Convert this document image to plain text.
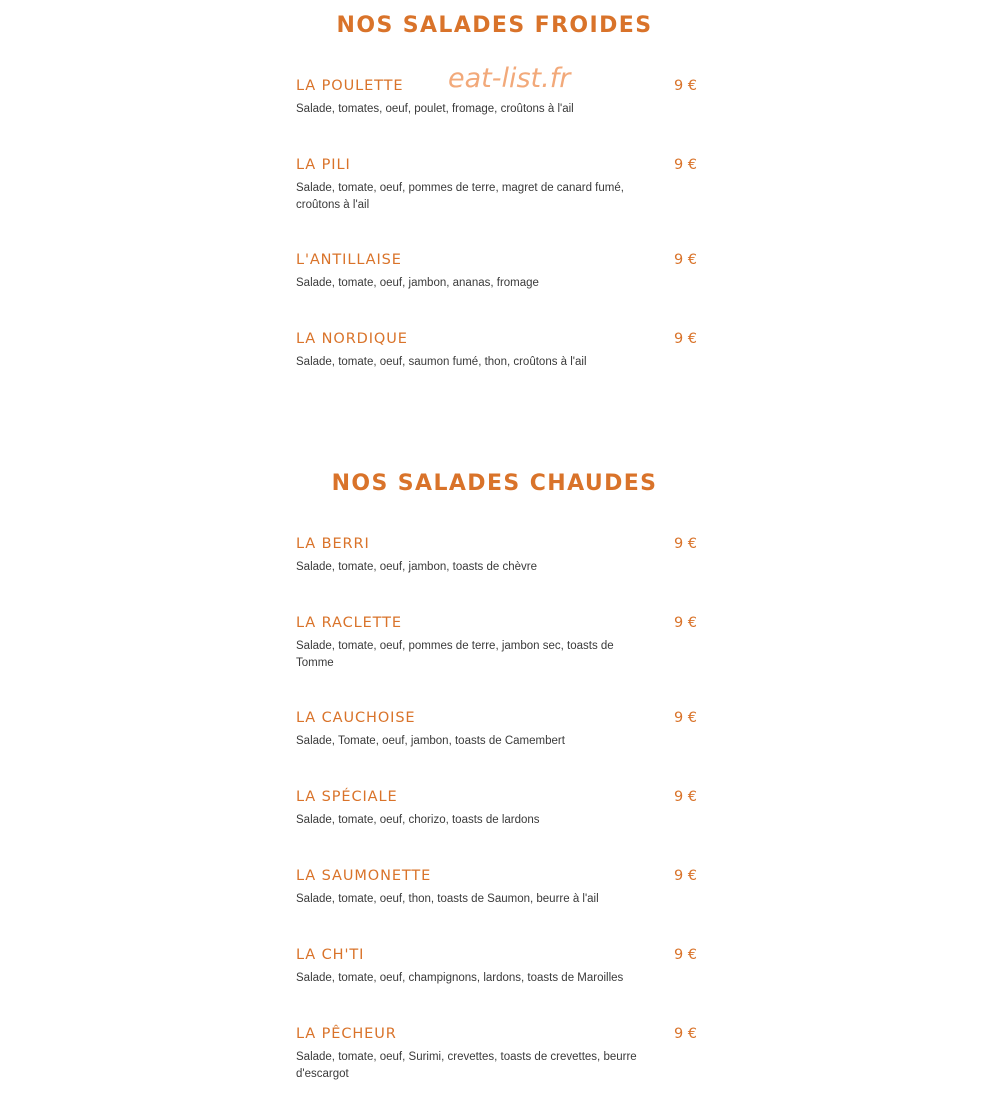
NOS SALADES FROIDES
eat-list.fr
LA POULETTE	9 €

Salade, tomates, oeuf, poulet, fromage, croûtons à l'ail

LA PILI	9 €

Salade, tomate, oeuf, pommes de terre, magret de canard fumé, croûtons à l'ail

L'ANTILLAISE	9 €

Salade, tomate, oeuf, jambon, ananas, fromage

LA NORDIQUE	9 €

Salade, tomate, oeuf, saumon fumé, thon, croûtons à l'ail

NOS SALADES CHAUDES
LA BERRI	9 €

Salade, tomate, oeuf, jambon, toasts de chèvre

LA RACLETTE	9 €

Salade, tomate, oeuf, pommes de terre, jambon sec, toasts de Tomme

LA CAUCHOISE	9 €

Salade, Tomate, oeuf, jambon, toasts de Camembert

LA SPÉCIALE	9 €

Salade, tomate, oeuf, chorizo, toasts de lardons

LA SAUMONETTE	9 €

Salade, tomate, oeuf, thon, toasts de Saumon, beurre à l'ail

LA CH'TI	9 €

Salade, tomate, oeuf, champignons, lardons, toasts de Maroilles

LA PÊCHEUR	9 €

Salade, tomate, oeuf, Surimi, crevettes, toasts de crevettes, beurre d'escargot
